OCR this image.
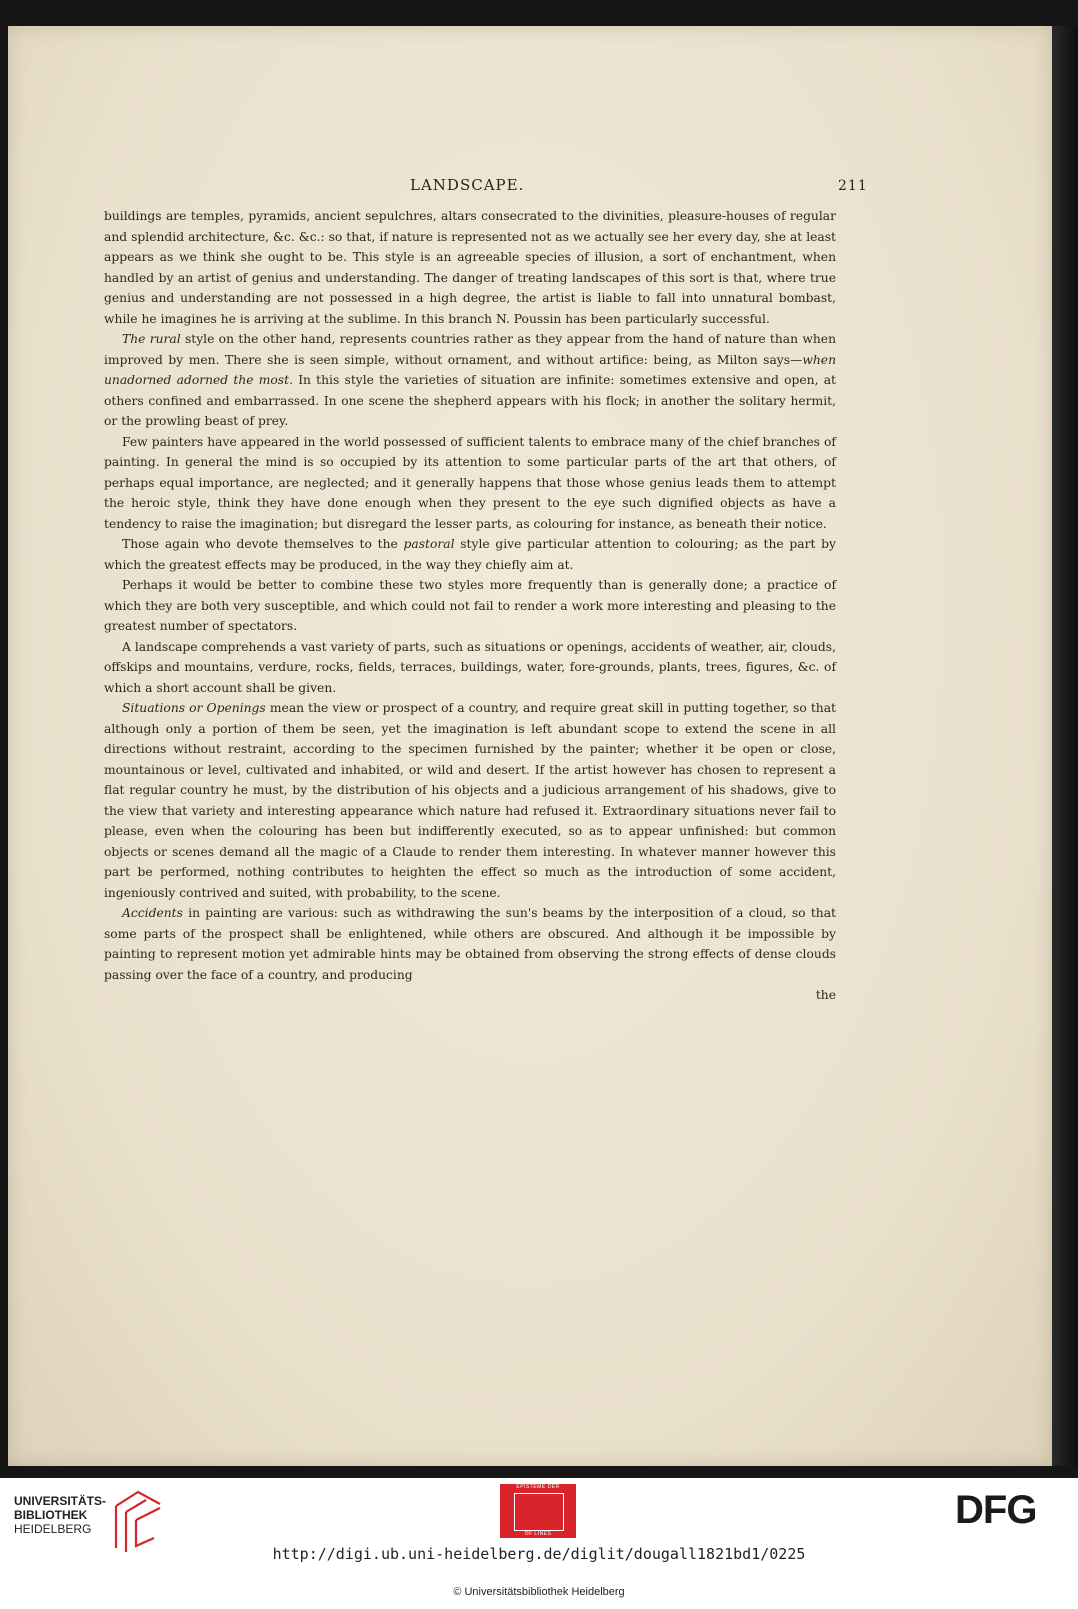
LANDSCAPE.	211

buildings are temples, pyramids, ancient sepulchres, altars consecrated to the divinities, pleasure-houses of regular and splendid architecture, &c. &c.: so that, if nature is represented not as we actually see her every day, she at least appears as we think she ought to be. This style is an agreeable species of illusion, a sort of enchantment, when handled by an artist of genius and understanding. The danger of treating landscapes of this sort is that, where true genius and understanding are not possessed in a high degree, the artist is liable to fall into unnatural bombast, while he imagines he is arriving at the sublime. In this branch N. Poussin has been particularly successful.

The rural style on the other hand, represents countries rather as they appear from the hand of nature than when improved by men. There she is seen simple, without ornament, and without artifice: being, as Milton says—when unadorned adorned the most. In this style the varieties of situation are infinite: sometimes extensive and open, at others confined and embarrassed. In one scene the shepherd appears with his flock; in another the solitary hermit, or the prowling beast of prey.

Few painters have appeared in the world possessed of sufficient talents to embrace many of the chief branches of painting. In general the mind is so occupied by its attention to some particular parts of the art that others, of perhaps equal importance, are neglected; and it generally happens that those whose genius leads them to attempt the heroic style, think they have done enough when they present to the eye such dignified objects as have a tendency to raise the imagination; but disregard the lesser parts, as colouring for instance, as beneath their notice.

Those again who devote themselves to the pastoral style give particular attention to colouring; as the part by which the greatest effects may be produced, in the way they chiefly aim at.

Perhaps it would be better to combine these two styles more frequently than is generally done; a practice of which they are both very susceptible, and which could not fail to render a work more interesting and pleasing to the greatest number of spectators.

A landscape comprehends a vast variety of parts, such as situations or openings, accidents of weather, air, clouds, offskips and mountains, verdure, rocks, fields, terraces, buildings, water, fore-grounds, plants, trees, figures, &c. of which a short account shall be given.

Situations or Openings mean the view or prospect of a country, and require great skill in putting together, so that although only a portion of them be seen, yet the imagination is left abundant scope to extend the scene in all directions without restraint, according to the specimen furnished by the painter; whether it be open or close, mountainous or level, cultivated and inhabited, or wild and desert. If the artist however has chosen to represent a flat regular country he must, by the distribution of his objects and a judicious arrangement of his shadows, give to the view that variety and interesting appearance which nature had refused it. Extraordinary situations never fail to please, even when the colouring has been but indifferently executed, so as to appear unfinished: but common objects or scenes demand all the magic of a Claude to render them interesting. In whatever manner however this part be performed, nothing contributes to heighten the effect so much as the introduction of some accident, ingeniously contrived and suited, with probability, to the scene.

Accidents in painting are various: such as withdrawing the sun's beams by the interposition of a cloud, so that some parts of the prospect shall be enlightened, while others are obscured. And although it be impossible by painting to represent motion yet admirable hints may be obtained from observing the strong effects of dense clouds passing over the face of a country, and producing

the

UNIVERSITÄTS-
BIBLIOTHEK
HEIDELBERG
EPISTEME DER
OF LINES
DFG
http://digi.ub.uni-heidelberg.de/diglit/dougall1821bd1/0225
© Universitätsbibliothek Heidelberg
